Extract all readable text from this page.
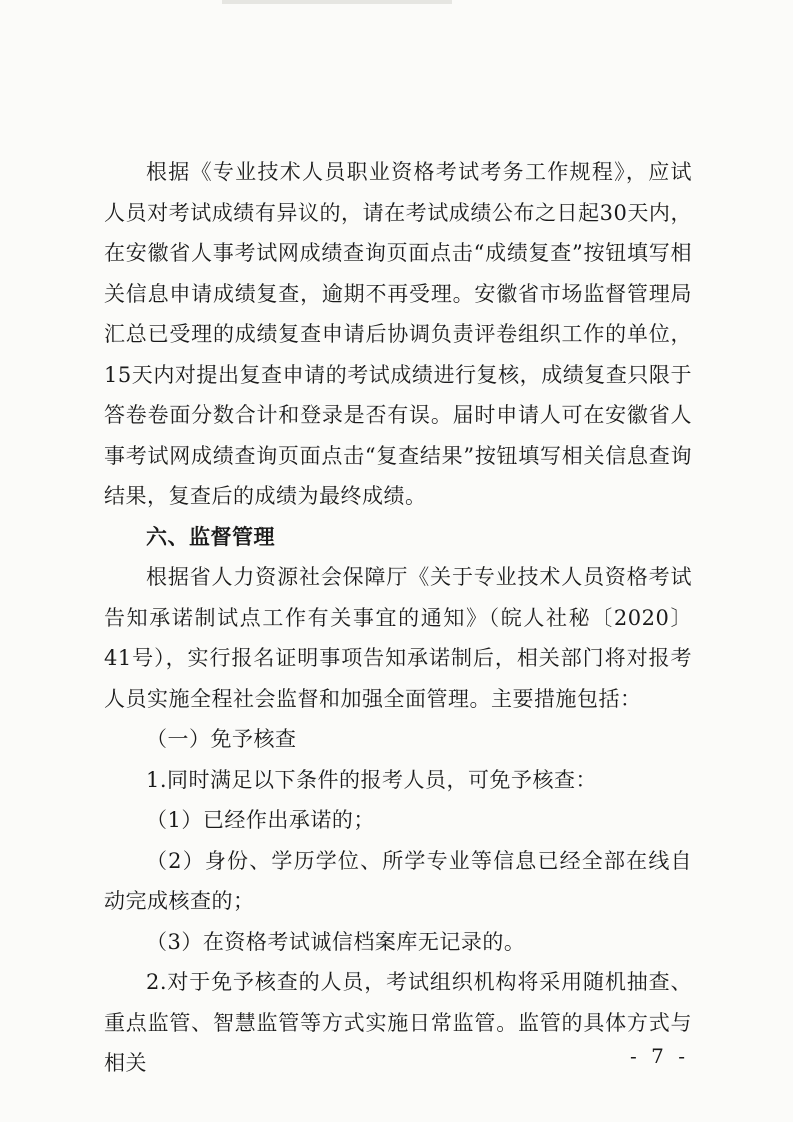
根据《专业技术人员职业资格考试考务工作规程》，应试人员对考试成绩有异议的，请在考试成绩公布之日起30天内，在安徽省人事考试网成绩查询页面点击“成绩复查”按钮填写相关信息申请成绩复查，逾期不再受理。安徽省市场监督管理局汇总已受理的成绩复查申请后协调负责评卷组织工作的单位，15天内对提出复查申请的考试成绩进行复核，成绩复查只限于答卷卷面分数合计和登录是否有误。届时申请人可在安徽省人事考试网成绩查询页面点击“复查结果”按钮填写相关信息查询结果，复查后的成绩为最终成绩。

六、监督管理

根据省人力资源社会保障厅《关于专业技术人员资格考试告知承诺制试点工作有关事宜的通知》（皖人社秘〔2020〕41号），实行报名证明事项告知承诺制后，相关部门将对报考人员实施全程社会监督和加强全面管理。主要措施包括：

（一）免予核查

1.同时满足以下条件的报考人员，可免予核查：

（1）已经作出承诺的；

（2）身份、学历学位、所学专业等信息已经全部在线自动完成核查的；

（3）在资格考试诚信档案库无记录的。

2.对于免予核查的人员，考试组织机构将采用随机抽查、重点监管、智慧监管等方式实施日常监管。监管的具体方式与相关	- 7 -
